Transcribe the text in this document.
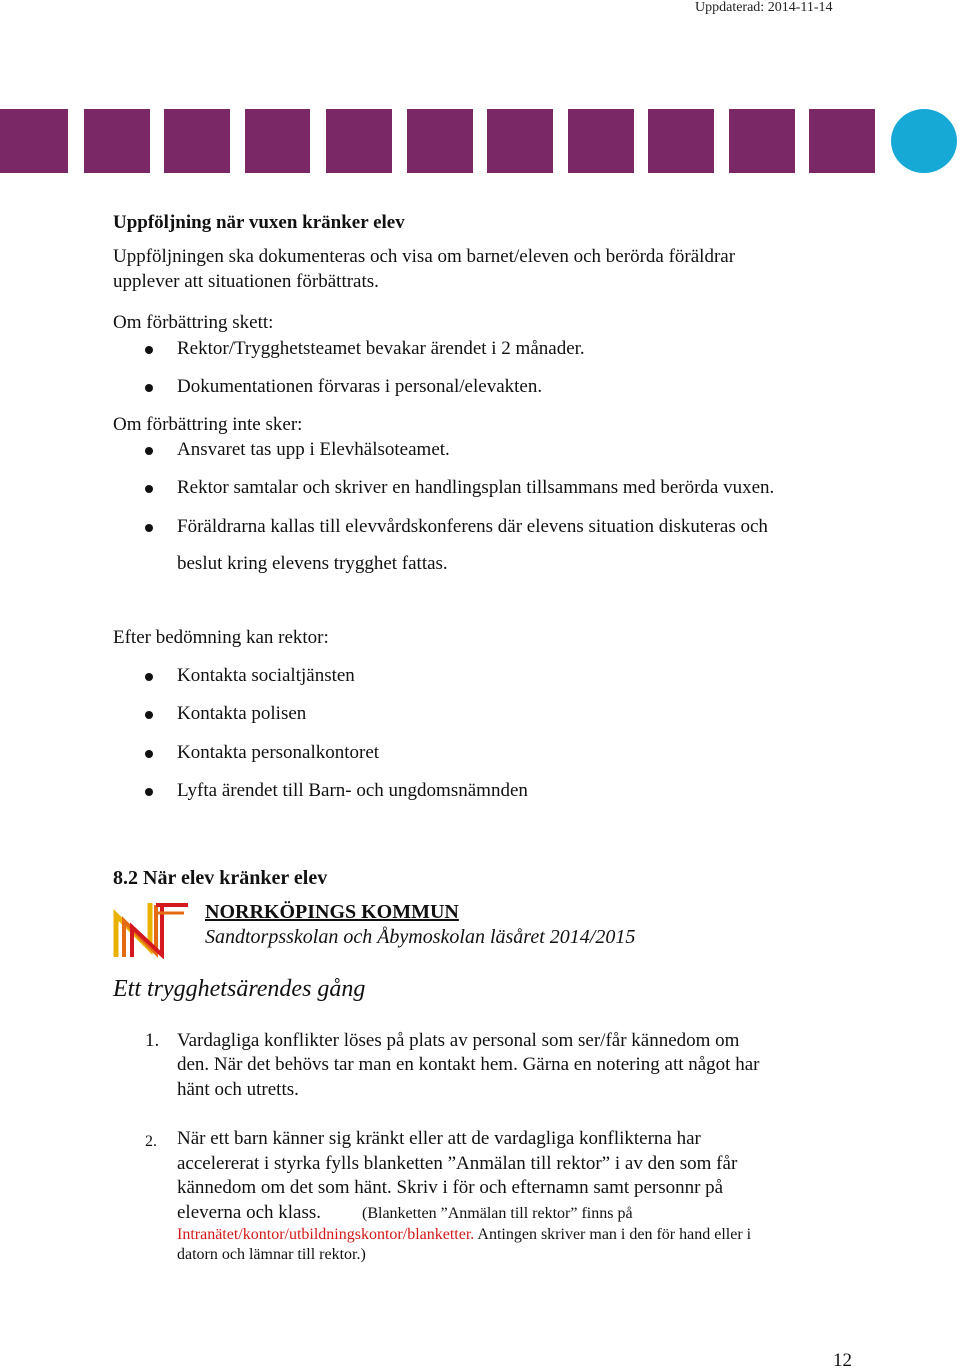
Uppdaterad: 2014-11-14
Uppföljning när vuxen kränker elev
Uppföljningen ska dokumenteras och visa om barnet/eleven och berörda föräldrar
upplever att situationen förbättrats.
Om förbättring skett:
Rektor/Trygghetsteamet bevakar ärendet i 2 månader.
Dokumentationen förvaras i personal/elevakten.
Om förbättring inte sker:
Ansvaret tas upp i Elevhälsoteamet.
Rektor samtalar och skriver en handlingsplan tillsammans med berörda vuxen.
Föräldrarna kallas till elevvårdskonferens där elevens situation diskuteras och
beslut kring elevens trygghet fattas.
Efter bedömning kan rektor:
Kontakta socialtjänsten
Kontakta polisen
Kontakta personalkontoret
Lyfta ärendet till Barn- och ungdomsnämnden
8.2 När elev kränker elev
NORRKÖPINGS KOMMUN
Sandtorpsskolan och Åbymoskolan läsåret 2014/2015
Ett trygghetsärendes gång
1. Vardagliga konflikter löses på plats av personal som ser/får kännedom om
den. När det behövs tar man en kontakt hem. Gärna en notering att något har
hänt och utretts.
2. När ett barn känner sig kränkt eller att de vardagliga konflikterna har
accelererat i styrka fylls blanketten ”Anmälan till rektor” i av den som får
kännedom om det som hänt. Skriv i för och efternamn samt personnr på
eleverna och klass.	(Blanketten ”Anmälan till rektor” finns på
Intranätet/kontor/utbildningskontor/blanketter. Antingen skriver man i den för hand eller i
datorn och lämnar till rektor.)
12
